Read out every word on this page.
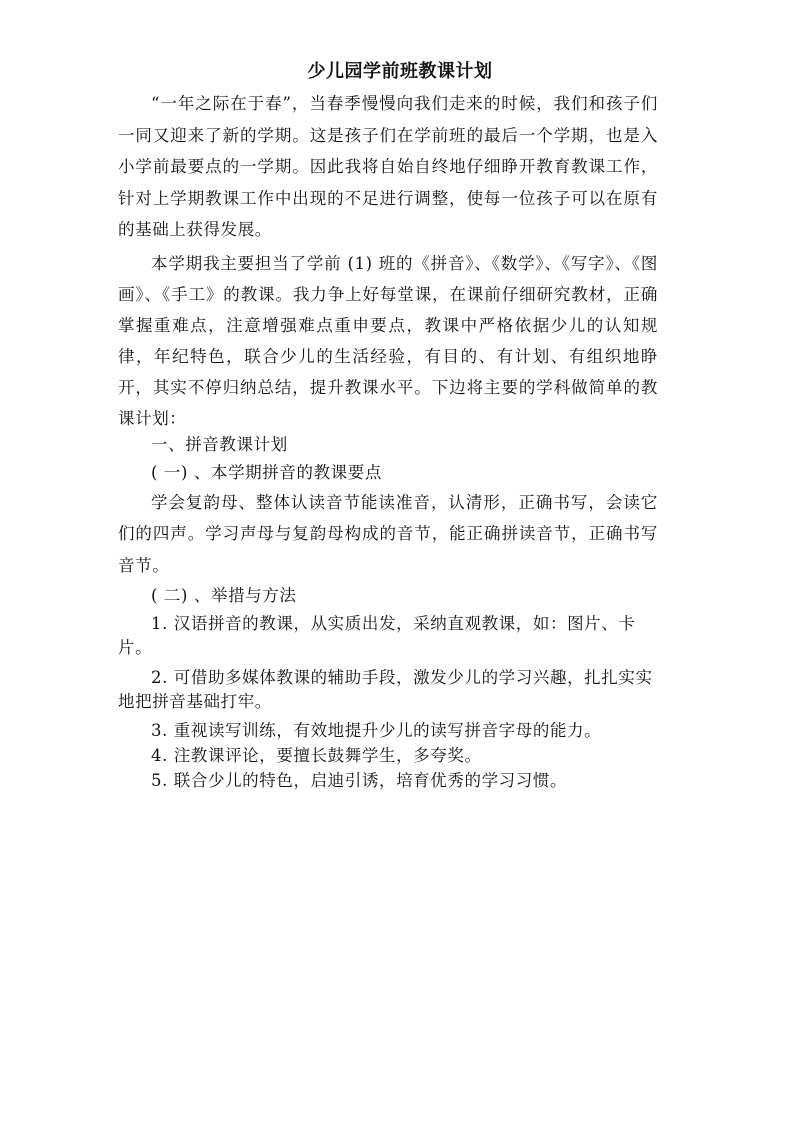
少儿园学前班教课计划

“一年之际在于春”，当春季慢慢向我们走来的时候，我们和孩子们一同又迎来了新的学期。这是孩子们在学前班的最后一个学期，也是入小学前最要点的一学期。因此我将自始自终地仔细睁开教育教课工作，针对上学期教课工作中出现的不足进行调整，使每一位孩子可以在原有的基础上获得发展。

本学期我主要担当了学前 (1) 班的《拼音》、《数学》、《写字》、《图画》、《手工》的教课。我力争上好每堂课，在课前仔细研究教材，正确掌握重难点，注意增强难点重申要点，教课中严格依据少儿的认知规律，年纪特色，联合少儿的生活经验，有目的、有计划、有组织地睁开，其实不停归纳总结，提升教课水平。下边将主要的学科做简单的教课计划：

一、拼音教课计划

( 一) 、本学期拼音的教课要点

学会复韵母、整体认读音节能读准音，认清形，正确书写，会读它们的四声。学习声母与复韵母构成的音节，能正确拼读音节，正确书写音节。

( 二) 、举措与方法

1. 汉语拼音的教课，从实质出发，采纳直观教课，如：图片、卡片。

2. 可借助多媒体教课的辅助手段，激发少儿的学习兴趣，扎扎实实地把拼音基础打牢。

3. 重视读写训练，有效地提升少儿的读写拼音字母的能力。

4. 注教课评论，要擅长鼓舞学生，多夸奖。

5. 联合少儿的特色，启迪引诱，培育优秀的学习习惯。
